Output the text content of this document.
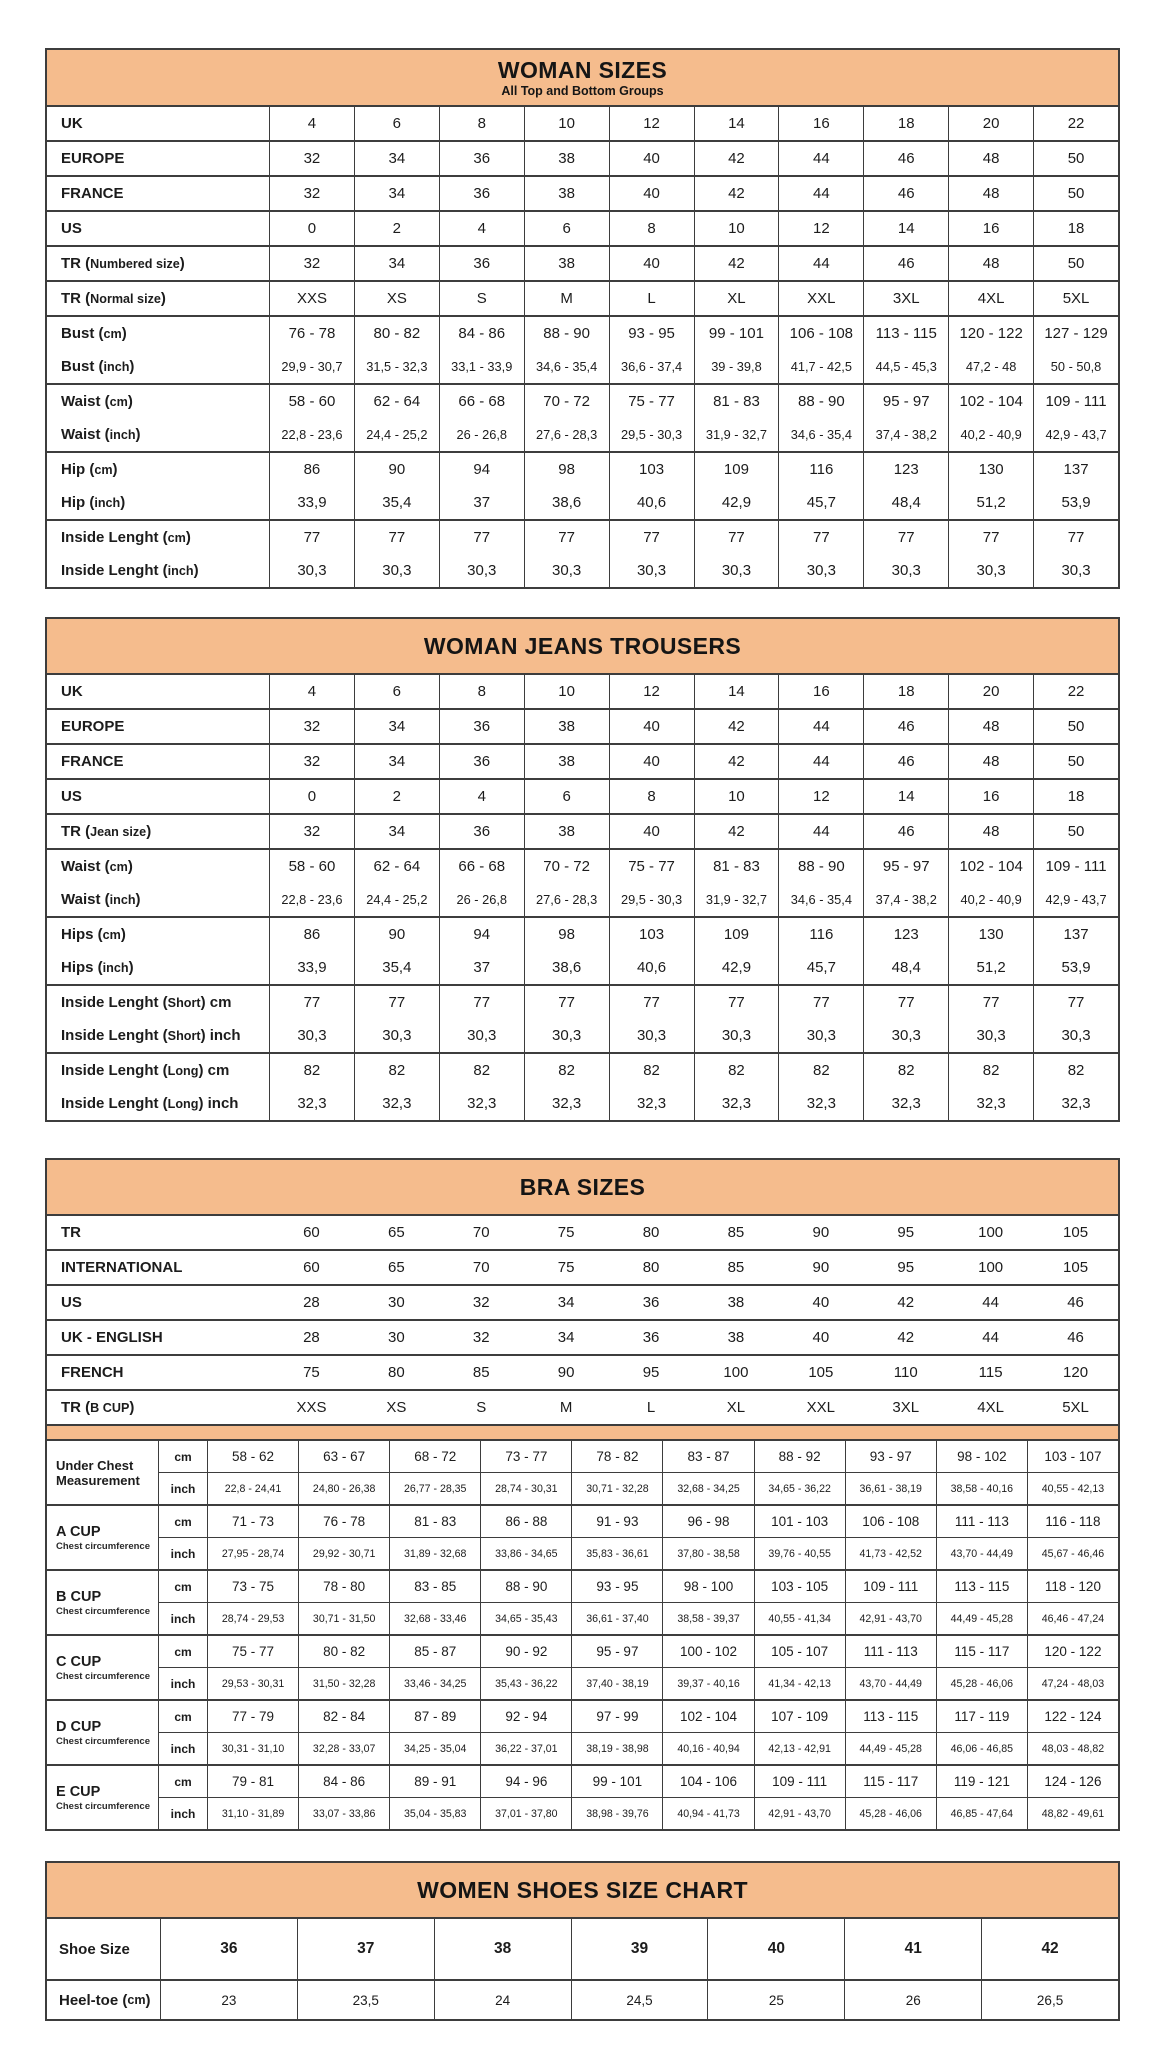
WOMAN SIZES
All Top and Bottom Groups
UK	4	6	8	10	12	14	16	18	20	22
EUROPE	32	34	36	38	40	42	44	46	48	50
FRANCE	32	34	36	38	40	42	44	46	48	50
US	0	2	4	6	8	10	12	14	16	18
TR ( Numbered size )	32	34	36	38	40	42	44	46	48	50
TR ( Normal size )	XXS	XS	S	M	L	XL	XXL	3XL	4XL	5XL
Bust ( cm )	76 - 78	80 - 82	84 - 86	88 - 90	93 - 95	99 - 101	106 - 108	113 - 115	120 - 122	127 - 129
Bust ( inch )	29,9 - 30,7	31,5 - 32,3	33,1 - 33,9	34,6 - 35,4	36,6 - 37,4	39 - 39,8	41,7 - 42,5	44,5 - 45,3	47,2 - 48	50 - 50,8
Waist ( cm )	58 - 60	62 - 64	66 - 68	70 - 72	75 - 77	81 - 83	88 - 90	95 - 97	102 - 104	109 - 111
Waist ( inch )	22,8 - 23,6	24,4 - 25,2	26 - 26,8	27,6 - 28,3	29,5 - 30,3	31,9 - 32,7	34,6 - 35,4	37,4 - 38,2	40,2 - 40,9	42,9 - 43,7
Hip ( cm )	86	90	94	98	103	109	116	123	130	137
Hip ( inch )	33,9	35,4	37	38,6	40,6	42,9	45,7	48,4	51,2	53,9
Inside Lenght ( cm )	77	77	77	77	77	77	77	77	77	77
Inside Lenght ( inch )	30,3	30,3	30,3	30,3	30,3	30,3	30,3	30,3	30,3	30,3
WOMAN JEANS TROUSERS
UK	4	6	8	10	12	14	16	18	20	22
EUROPE	32	34	36	38	40	42	44	46	48	50
FRANCE	32	34	36	38	40	42	44	46	48	50
US	0	2	4	6	8	10	12	14	16	18
TR ( Jean size )	32	34	36	38	40	42	44	46	48	50
Waist ( cm )	58 - 60	62 - 64	66 - 68	70 - 72	75 - 77	81 - 83	88 - 90	95 - 97	102 - 104	109 - 111
Waist ( inch )	22,8 - 23,6	24,4 - 25,2	26 - 26,8	27,6 - 28,3	29,5 - 30,3	31,9 - 32,7	34,6 - 35,4	37,4 - 38,2	40,2 - 40,9	42,9 - 43,7
Hips ( cm )	86	90	94	98	103	109	116	123	130	137
Hips ( inch )	33,9	35,4	37	38,6	40,6	42,9	45,7	48,4	51,2	53,9
Inside Lenght ( Short ) cm	77	77	77	77	77	77	77	77	77	77
Inside Lenght ( Short ) inch	30,3	30,3	30,3	30,3	30,3	30,3	30,3	30,3	30,3	30,3
Inside Lenght ( Long ) cm	82	82	82	82	82	82	82	82	82	82
Inside Lenght ( Long ) inch	32,3	32,3	32,3	32,3	32,3	32,3	32,3	32,3	32,3	32,3
BRA SIZES
TR	60	65	70	75	80	85	90	95	100	105
INTERNATIONAL	60	65	70	75	80	85	90	95	100	105
US	28	30	32	34	36	38	40	42	44	46
UK - ENGLISH	28	30	32	34	36	38	40	42	44	46
FRENCH	75	80	85	90	95	100	105	110	115	120
TR ( B CUP )	XXS	XS	S	M	L	XL	XXL	3XL	4XL	5XL
Under Chest Measurement
cm	58 - 62	63 - 67	68 - 72	73 - 77	78 - 82	83 - 87	88 - 92	93 - 97	98 - 102	103 - 107
inch	22,8 - 24,41	24,80 - 26,38	26,77 - 28,35	28,74 - 30,31	30,71 - 32,28	32,68 - 34,25	34,65 - 36,22	36,61 - 38,19	38,58 - 40,16	40,55 - 42,13
A CUP
Chest circumference
cm	71 - 73	76 - 78	81 - 83	86 - 88	91 - 93	96 - 98	101 - 103	106 - 108	111 - 113	116 - 118
inch	27,95 - 28,74	29,92 - 30,71	31,89 - 32,68	33,86 - 34,65	35,83 - 36,61	37,80 - 38,58	39,76 - 40,55	41,73 - 42,52	43,70 - 44,49	45,67 - 46,46
B CUP
Chest circumference
cm	73 - 75	78 - 80	83 - 85	88 - 90	93 - 95	98 - 100	103 - 105	109 - 111	113 - 115	118 - 120
inch	28,74 - 29,53	30,71 - 31,50	32,68 - 33,46	34,65 - 35,43	36,61 - 37,40	38,58 - 39,37	40,55 - 41,34	42,91 - 43,70	44,49 - 45,28	46,46 - 47,24
C CUP
Chest circumference
cm	75 - 77	80 - 82	85 - 87	90 - 92	95 - 97	100 - 102	105 - 107	111 - 113	115 - 117	120 - 122
inch	29,53 - 30,31	31,50 - 32,28	33,46 - 34,25	35,43 - 36,22	37,40 - 38,19	39,37 - 40,16	41,34 - 42,13	43,70 - 44,49	45,28 - 46,06	47,24 - 48,03
D CUP
Chest circumference
cm	77 - 79	82 - 84	87 - 89	92 - 94	97 - 99	102 - 104	107 - 109	113 - 115	117 - 119	122 - 124
inch	30,31 - 31,10	32,28 - 33,07	34,25 - 35,04	36,22 - 37,01	38,19 - 38,98	40,16 - 40,94	42,13 - 42,91	44,49 - 45,28	46,06 - 46,85	48,03 - 48,82
E CUP
Chest circumference
cm	79 - 81	84 - 86	89 - 91	94 - 96	99 - 101	104 - 106	109 - 111	115 - 117	119 - 121	124 - 126
inch	31,10 - 31,89	33,07 - 33,86	35,04 - 35,83	37,01 - 37,80	38,98 - 39,76	40,94 - 41,73	42,91 - 43,70	45,28 - 46,06	46,85 - 47,64	48,82 - 49,61
WOMEN SHOES SIZE CHART
Shoe Size	36	37	38	39	40	41	42
Heel-toe ( cm )	23	23,5	24	24,5	25	26	26,5
